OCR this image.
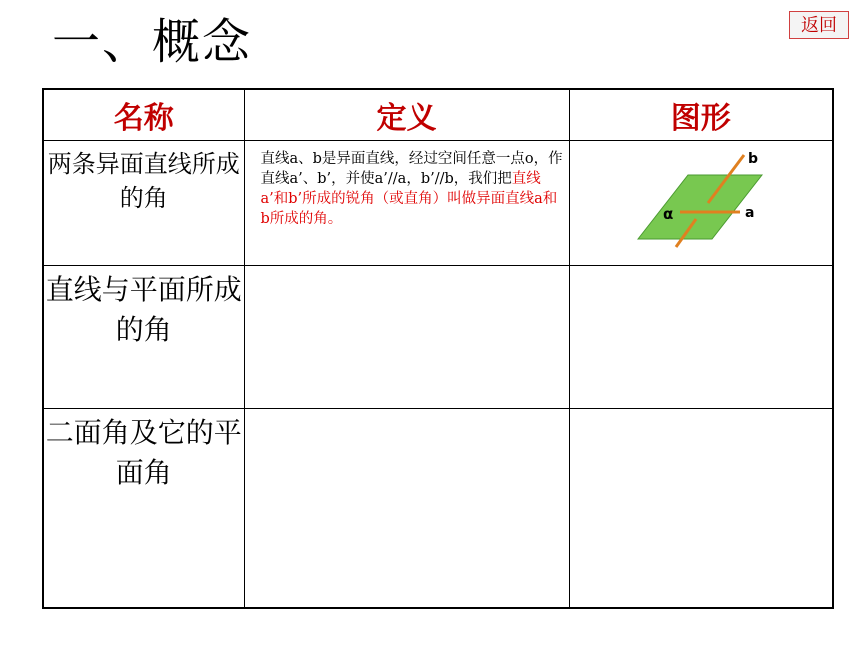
一、概念	返回
名称	定义	图形
两条异面直线所成的角	直线a、b是异面直线，经过空间任意一点o，作直线a’、b’，并使a’//a，b’//b，我们把直线a’和b’所成的锐角（或直角）叫做异面直线a和b所成的角。	α a
b

直线与平面所成的角		
二面角及它的平面角		
